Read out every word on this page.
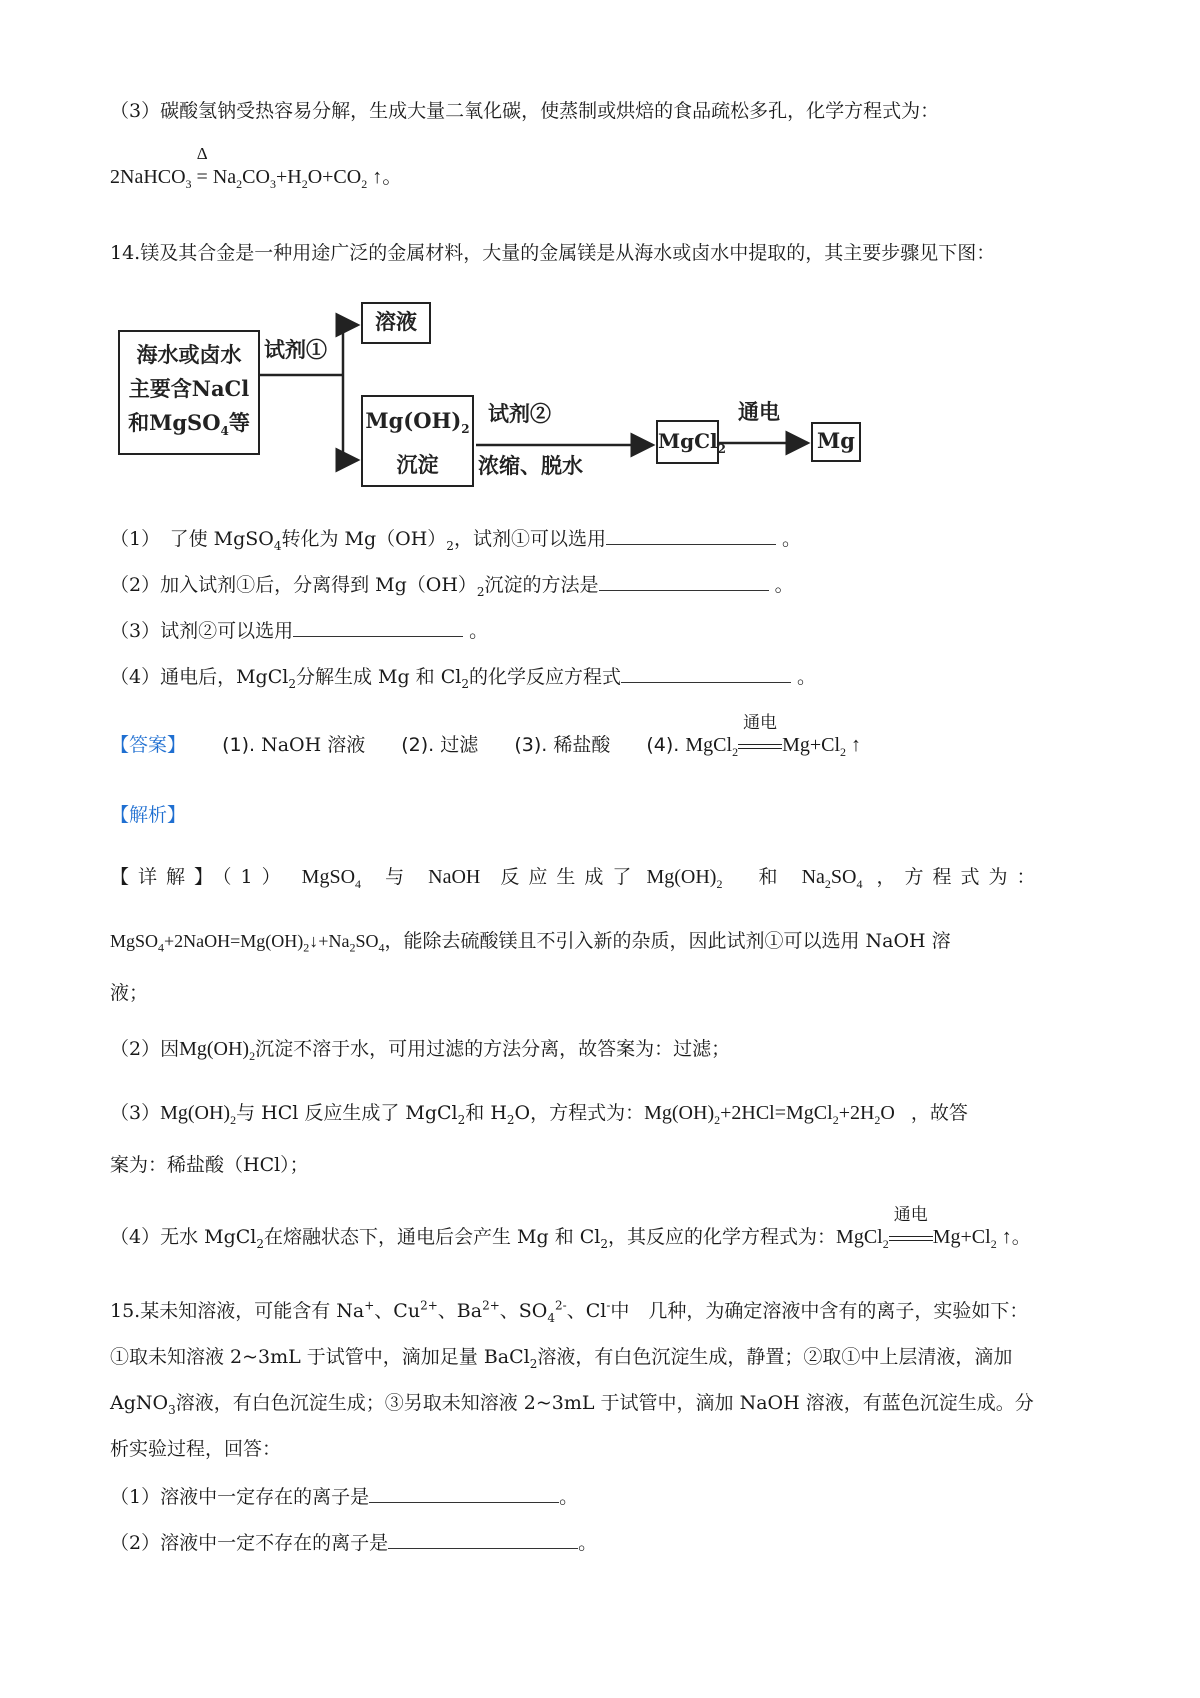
（3）碳酸氢钠受热容易分解，生成大量二氧化碳，使蒸制或烘焙的食品疏松多孔，化学方程式为：
2NaHCO$_3$
Δ
= $Na_2CO_3+H_2O+CO_2$ ↑。
14.镁及其合金是一种用途广泛的金属材料，大量的金属镁是从海水或卤水中提取的，其主要步骤见下图：
海水或卤水
主要含NaCl
和MgSO$_4$等
试剂①
溶液
$Mg(OH)_2$
沉淀
试剂②
浓缩、脱水
MgCl$_2$
通电
Mg
（1）　了使 MgSO$_4$转化为 $Mg(OH)_2$，试剂①可以选用	。
（2）加入试剂①后，分离得到 $Mg(OH)_2$沉淀的方法是	。
（3）试剂②可以选用	。
（4）通电后，MgCl$_2$分解生成 Mg 和 $Cl_2$的化学反应方程式	。
【答案】 (1). NaOH 溶液 (2). 过滤 (3). 稀盐酸 (4). MgCl$_2$
通电
$Mg+Cl_2$ ↑
【解析】
【详解】（1） MgSO$_4$ 与 NaOH 反应生成了 $Mg(OH)_2$ 和 $Na_2SO_4$ ，方程式为：
$MgSO_4+2NaOH=Mg(OH)_2↓+Na_2SO_4$，能除去硫酸镁且不引入新的杂质，因此试剂①可以选用 NaOH 溶
液；
（2）因$Mg(OH)_2$沉淀不溶于水，可用过滤的方法分离，故答案为：过滤；
$(3)Mg(OH)_2$与 HCl 反应生成了 MgCl$_2$和 $H_2O$，方程式为：$Mg(OH)_2+2HCl=MgCl_2+2H_2O$ ，故答
案为：稀盐酸（HCl）；
（4）无水 MgCl$_2$在熔融状态下，通电后会产生 Mg 和 $Cl_2$，其反应的化学方程式为：MgCl$_2$
通电
$Mg+Cl_2$ ↑。
15.某未知溶液，可能含有 Na+、$Cu^{2+}$、$Ba^{2+}$、$SO_4^{2-}$、Cl-中　几种，为确定溶液中含有的离子，实验如下：
①取未知溶液 2~3mL 于试管中，滴加足量 BaCl$_2$溶液，有白色沉淀生成，静置；②取①中上层清液，滴加
AgNO$_3$溶液，有白色沉淀生成；③另取未知溶液 2~3mL 于试管中，滴加 NaOH 溶液，有蓝色沉淀生成。分
析实验过程，回答：
（1）溶液中一定存在的离子是	。
（2）溶液中一定不存在的离子是	。
